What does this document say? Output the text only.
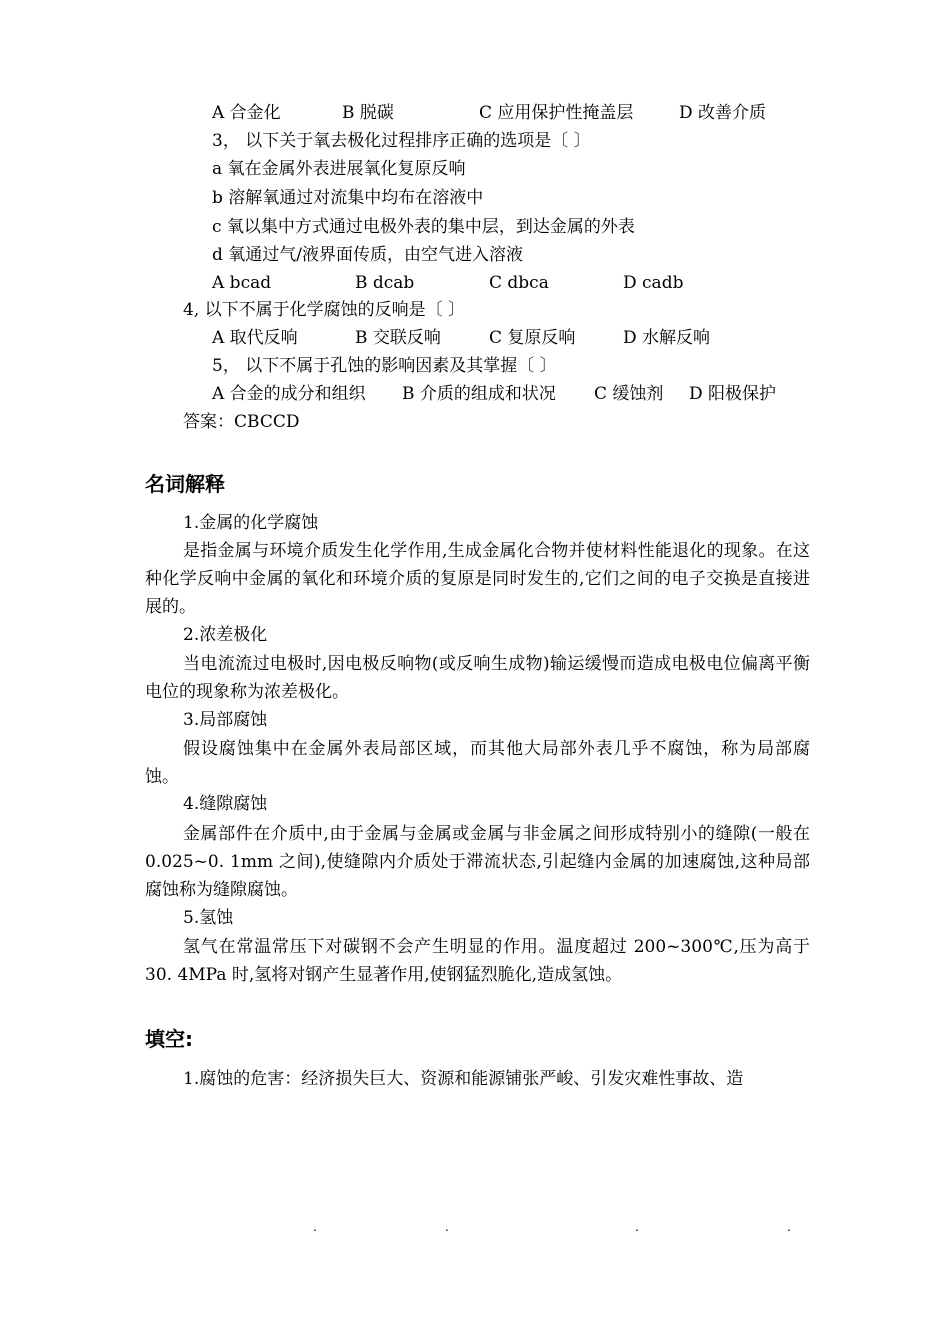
A 合金化	B 脱碳	C 应用保护性掩盖层	D 改善介质
3， 以下关于氧去极化过程排序正确的选项是〔 〕
a 氧在金属外表进展氧化复原反响
b 溶解氧通过对流集中均布在溶液中
c 氧以集中方式通过电极外表的集中层，到达金属的外表
d 氧通过气/液界面传质，由空气进入溶液
A bcad	B dcab	C dbca	D cadb
4, 以下不属于化学腐蚀的反响是〔 〕
A 取代反响	B 交联反响	C 复原反响	D 水解反响
5， 以下不属于孔蚀的影响因素及其掌握〔 〕
A 合金的成分和组织 B 介质的组成和状况 C 缓蚀剂 D 阳极保护
答案：CBCCD
名词解释
1.金属的化学腐蚀
是指金属与环境介质发生化学作用,生成金属化合物并使材料性能退化的现象。在这种化学反响中金属的氧化和环境介质的复原是同时发生的,它们之间的电子交换是直接进展的。
2.浓差极化
当电流流过电极时,因电极反响物(或反响生成物)输运缓慢而造成电极电位偏离平衡电位的现象称为浓差极化。
3.局部腐蚀
假设腐蚀集中在金属外表局部区域，而其他大局部外表几乎不腐蚀，称为局部腐蚀。
4.缝隙腐蚀
金属部件在介质中,由于金属与金属或金属与非金属之间形成特别小的缝隙(一般在 0.025~0. 1mm 之间),使缝隙内介质处于滞流状态,引起缝内金属的加速腐蚀,这种局部腐蚀称为缝隙腐蚀。
5.氢蚀
氢气在常温常压下对碳钢不会产生明显的作用。温度超过 200~300℃,压为高于 30. 4MPa 时,氢将对钢产生显著作用,使钢猛烈脆化,造成氢蚀。
填空:
1.腐蚀的危害：经济损失巨大、资源和能源铺张严峻、引发灾难性事故、造
.	.	.	.
